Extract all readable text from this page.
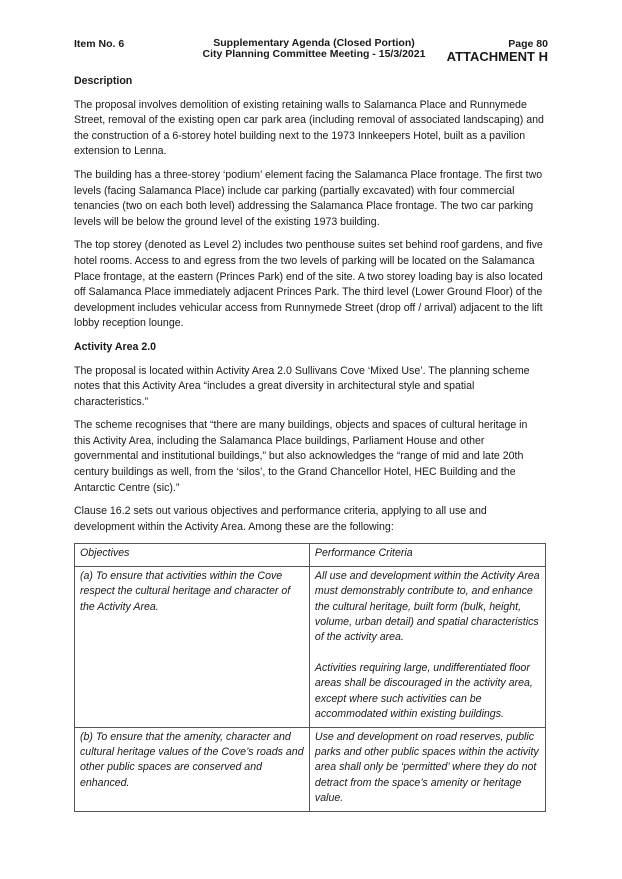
Item No. 6	Supplementary Agenda (Closed Portion)
City Planning Committee Meeting - 15/3/2021
Page 80
ATTACHMENT H
Description

The proposal involves demolition of existing retaining walls to Salamanca Place and Runnymede Street, removal of the existing open car park area (including removal of associated landscaping) and the construction of a 6-storey hotel building next to the 1973 Innkeepers Hotel, built as a pavilion extension to Lenna.

The building has a three-storey ‘podium’ element facing the Salamanca Place frontage. The first two levels (facing Salamanca Place) include car parking (partially excavated) with four commercial tenancies (two on each both level) addressing the Salamanca Place frontage. The two car parking levels will be below the ground level of the existing 1973 building.

The top storey (denoted as Level 2) includes two penthouse suites set behind roof gardens, and five hotel rooms. Access to and egress from the two levels of parking will be located on the Salamanca Place frontage, at the eastern (Princes Park) end of the site. A two storey loading bay is also located off Salamanca Place immediately adjacent Princes Park. The third level (Lower Ground Floor) of the development includes vehicular access from Runnymede Street (drop off / arrival) adjacent to the lift lobby reception lounge.

Activity Area 2.0

The proposal is located within Activity Area 2.0 Sullivans Cove ‘Mixed Use’. The planning scheme notes that this Activity Area “includes a great diversity in architectural style and spatial characteristics.”

The scheme recognises that “there are many buildings, objects and spaces of cultural heritage in this Activity Area, including the Salamanca Place buildings, Parliament House and other governmental and institutional buildings,” but also acknowledges the “range of mid and late 20th century buildings as well, from the ‘silos’, to the Grand Chancellor Hotel, HEC Building and the Antarctic Centre (sic).”

Clause 16.2 sets out various objectives and performance criteria, applying to all use and development within the Activity Area. Among these are the following:

Objectives	Performance Criteria

(a) To ensure that activities within the Cove respect the cultural heritage and character of the Activity Area.	All use and development within the Activity Area must demonstrably contribute to, and enhance the cultural heritage, built form (bulk, height, volume, urban detail) and spatial characteristics of the activity area.

Activities requiring large, undifferentiated floor areas shall be discouraged in the activity area, except where such activities can be accommodated within existing buildings.

(b) To ensure that the amenity, character and cultural heritage values of the Cove’s roads and other public spaces are conserved and enhanced.	Use and development on road reserves, public parks and other public spaces within the activity area shall only be ‘permitted’ where they do not detract from the space’s amenity or heritage value.
